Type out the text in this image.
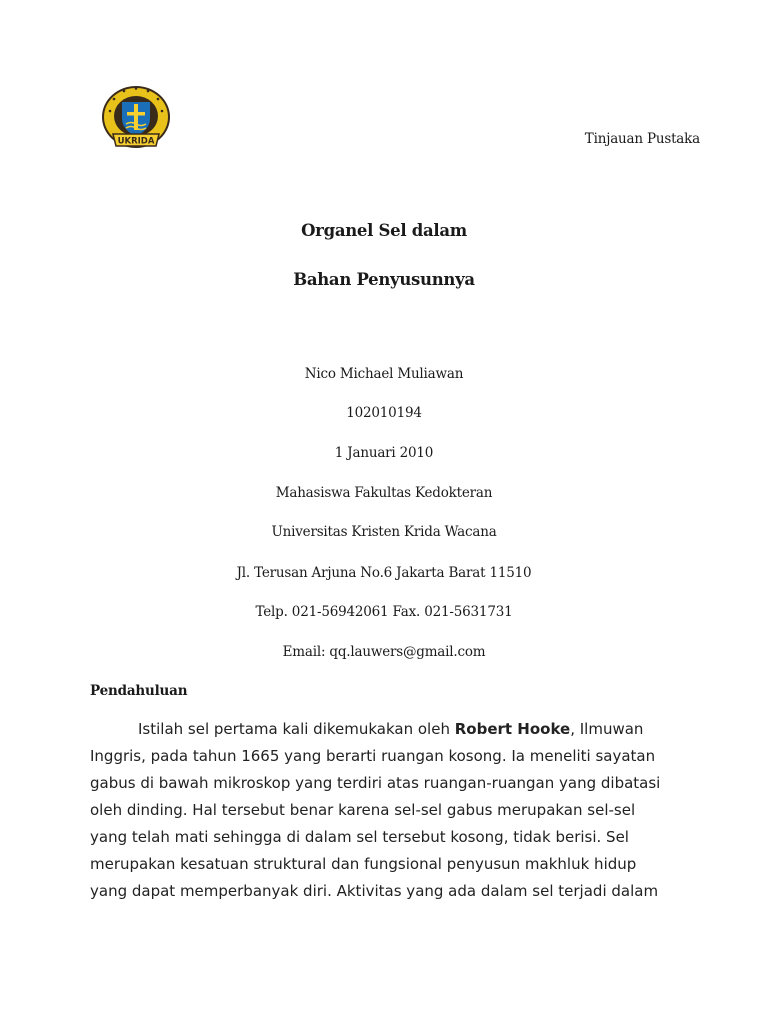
UKRIDA	Tinjauan Pustaka
Organel Sel dalam
Bahan Penyusunnya
Nico Michael Muliawan
102010194
1 Januari 2010
Mahasiswa Fakultas Kedokteran
Universitas Kristen Krida Wacana
Jl. Terusan Arjuna No.6 Jakarta Barat 11510
Telp. 021-56942061 Fax. 021-5631731
Email: qq.lauwers@gmail.com
Pendahuluan
Istilah sel pertama kali dikemukakan oleh Robert Hooke, Ilmuwan
Inggris, pada tahun 1665 yang berarti ruangan kosong. Ia meneliti sayatan
gabus di bawah mikroskop yang terdiri atas ruangan-ruangan yang dibatasi
oleh dinding. Hal tersebut benar karena sel-sel gabus merupakan sel-sel
yang telah mati sehingga di dalam sel tersebut kosong, tidak berisi. Sel
merupakan kesatuan struktural dan fungsional penyusun makhluk hidup
yang dapat memperbanyak diri. Aktivitas yang ada dalam sel terjadi dalam
